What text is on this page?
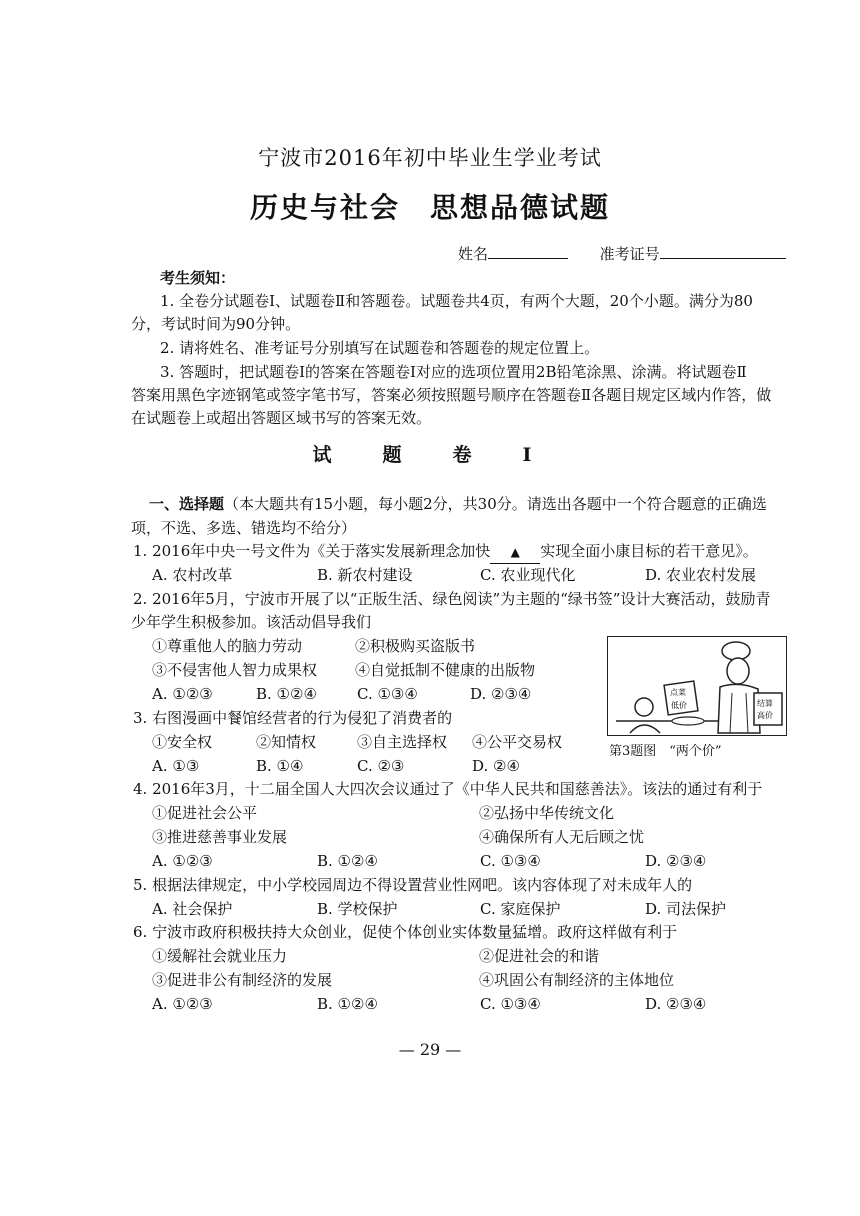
宁波市2016年初中毕业生学业考试
历史与社会　思想品德试题
姓名	准考证号
考生须知：
1. 全卷分试题卷Ⅰ、试题卷Ⅱ和答题卷。试题卷共4页，有两个大题，20个小题。满分为80
分，考试时间为90分钟。
2. 请将姓名、准考证号分别填写在试题卷和答题卷的规定位置上。
3. 答题时，把试题卷Ⅰ的答案在答题卷Ⅰ对应的选项位置用2B铅笔涂黑、涂满。将试题卷Ⅱ
答案用黑色字迹钢笔或签字笔书写，答案必须按照题号顺序在答题卷Ⅱ各题目规定区域内作答，做
在试题卷上或超出答题区域书写的答案无效。
试　题　卷　Ⅰ
一、选择题（本大题共有15小题，每小题2分，共30分。请选出各题中一个符合题意的正确选
项，不选、多选、错选均不给分）
1. 2016年中央一号文件为《关于落实发展新理念加快 ▲ 实现全面小康目标的若干意见》。
A. 农村改革	B. 新农村建设	C. 农业现代化	D. 农业农村发展
2. 2016年5月，宁波市开展了以“正版生活、绿色阅读”为主题的“绿书签”设计大赛活动，鼓励青
少年学生积极参加。该活动倡导我们
①尊重他人的脑力劳动	②积极购买盗版书
③不侵害他人智力成果权	④自觉抵制不健康的出版物
A. ①②③	B. ①②④	C. ①③④	D. ②③④	点菜
低价	结算
高价
第3题图　“两个价”
3. 右图漫画中餐馆经营者的行为侵犯了消费者的
①安全权	②知情权	③自主选择权 ④公平交易权
A. ①③	B. ①④	C. ②③	D. ②④
4. 2016年3月，十二届全国人大四次会议通过了《中华人民共和国慈善法》。该法的通过有利于
①促进社会公平	②弘扬中华传统文化
③推进慈善事业发展	④确保所有人无后顾之忧
A. ①②③	B. ①②④	C. ①③④	D. ②③④
5. 根据法律规定，中小学校园周边不得设置营业性网吧。该内容体现了对未成年人的
A. 社会保护	B. 学校保护	C. 家庭保护	D. 司法保护
6. 宁波市政府积极扶持大众创业，促使个体创业实体数量猛增。政府这样做有利于
①缓解社会就业压力	②促进社会的和谐
③促进非公有制经济的发展	④巩固公有制经济的主体地位
A. ①②③	B. ①②④	C. ①③④	D. ②③④
— 29 —
